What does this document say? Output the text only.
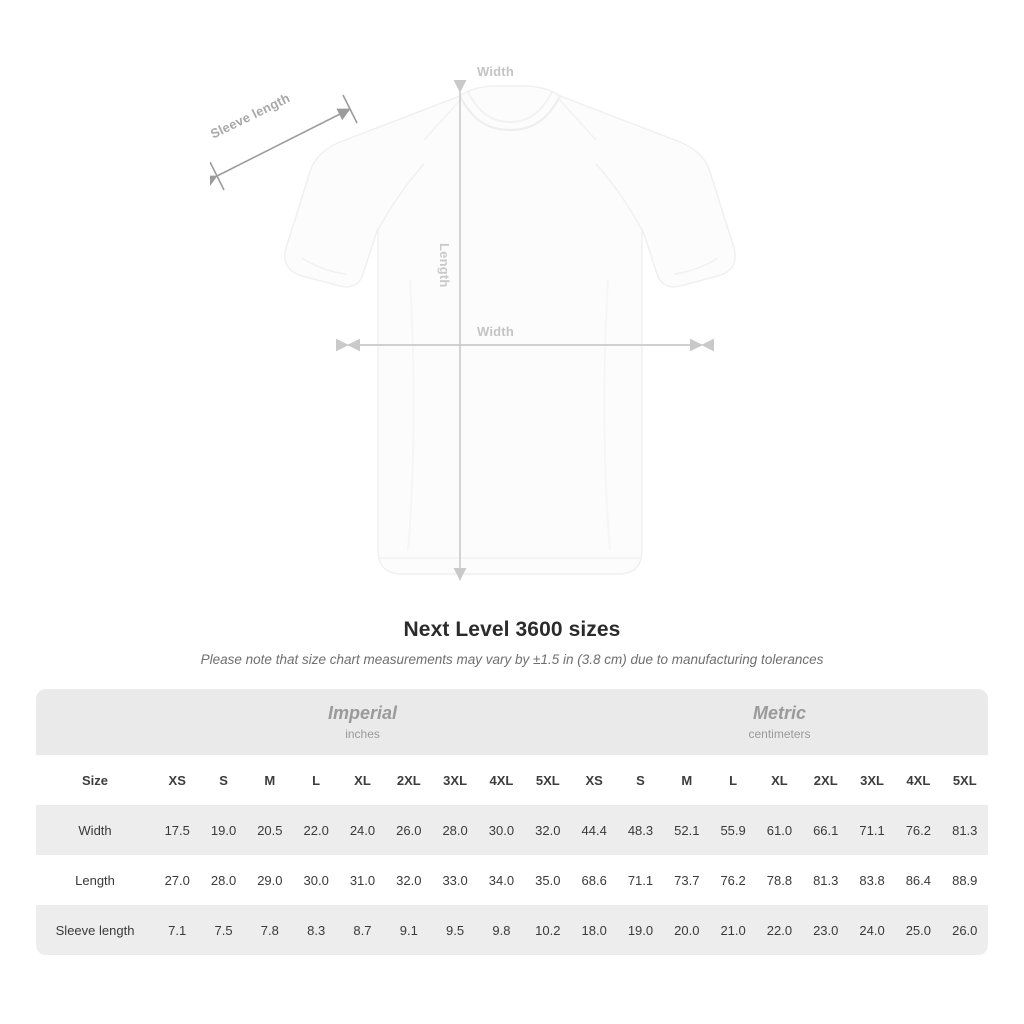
Width
Width
Length
Sleeve length
Next Level 3600 sizes

Please note that size chart measurements may vary by ±1.5 in (3.8 cm) due to manufacturing tolerances

	Imperial
inches									Metric
centimeters								

Size	XS	S	M	L	XL	2XL	3XL	4XL	5XL	XS	S	M	L	XL	2XL	3XL	4XL	5XL
Width	17.5	19.0	20.5	22.0	24.0	26.0	28.0	30.0	32.0	44.4	48.3	52.1	55.9	61.0	66.1	71.1	76.2	81.3
Length	27.0	28.0	29.0	30.0	31.0	32.0	33.0	34.0	35.0	68.6	71.1	73.7	76.2	78.8	81.3	83.8	86.4	88.9
Sleeve length	7.1	7.5	7.8	8.3	8.7	9.1	9.5	9.8	10.2	18.0	19.0	20.0	21.0	22.0	23.0	24.0	25.0	26.0
